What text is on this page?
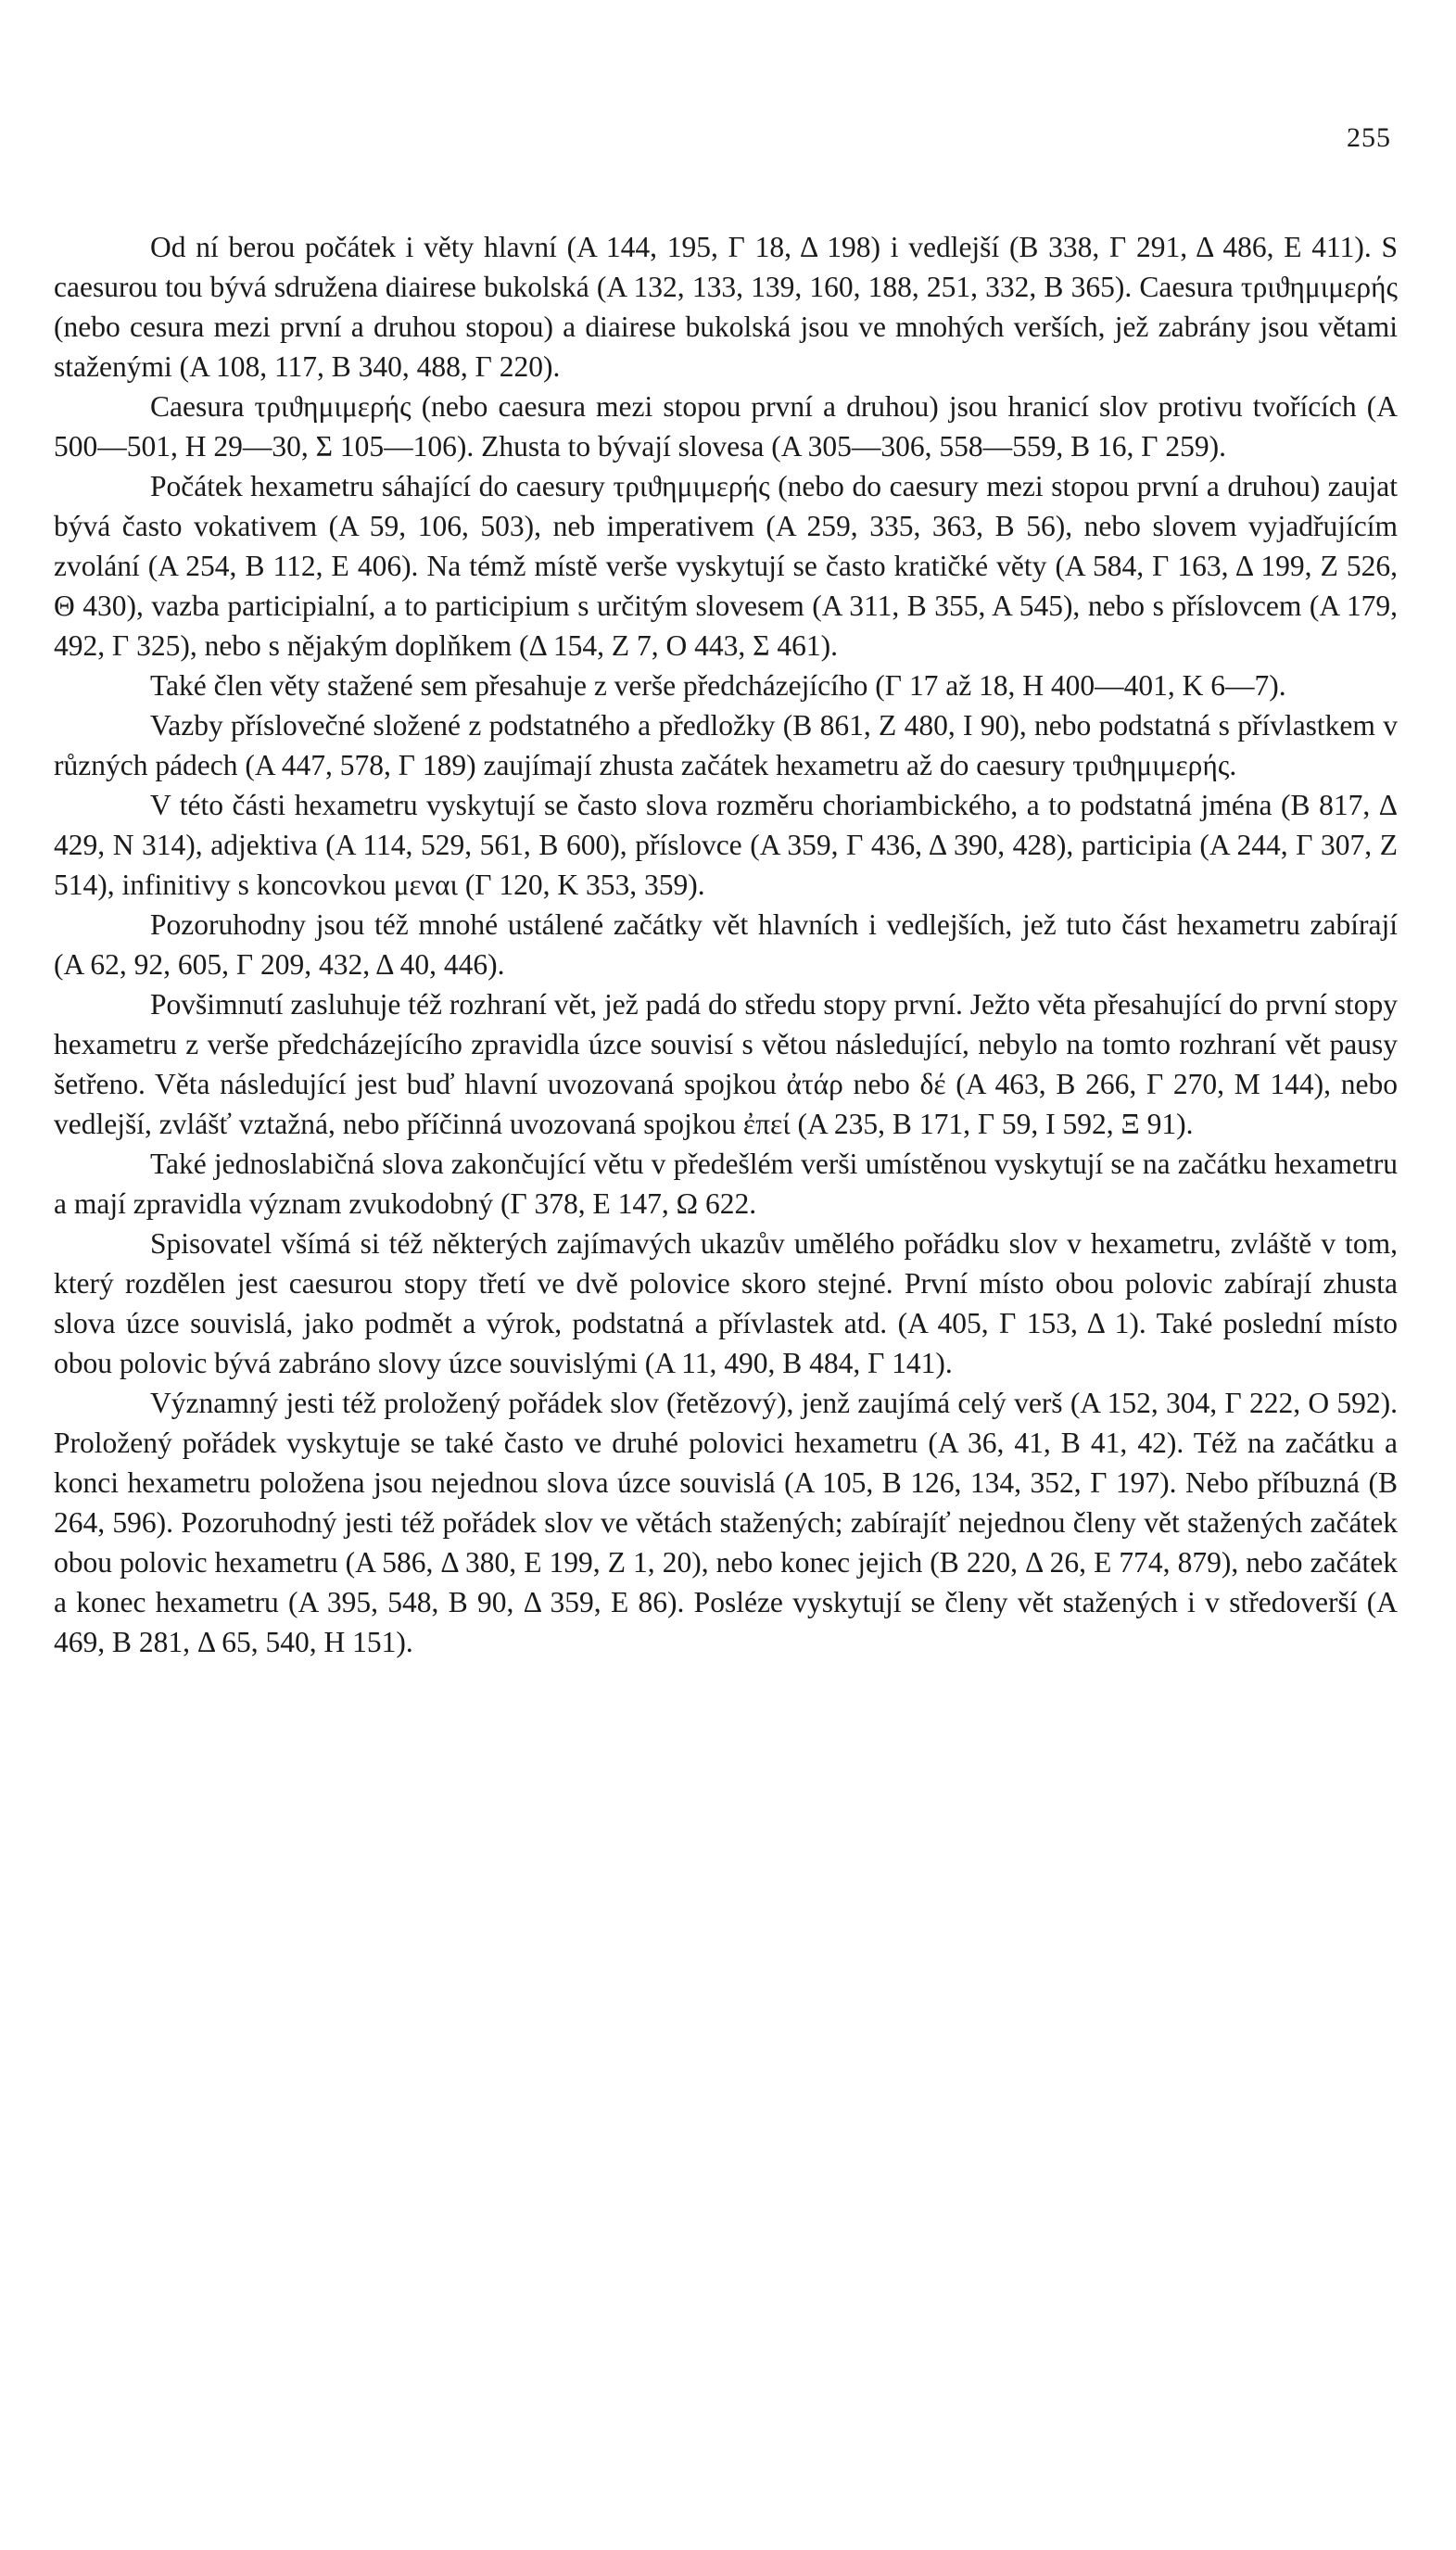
255

Od ní berou počátek i věty hlavní (A 144, 195, Γ 18, Δ 198) i vedlejší (B 338, Γ 291, Δ 486, E 411). S caesurou tou bývá sdružena diairese bukolská (A 132, 133, 139, 160, 188, 251, 332, B 365). Caesura τριϑημιμερής (nebo cesura mezi první a druhou stopou) a diairese bukolská jsou ve mnohých verších, jež zabrány jsou větami staženými (A 108, 117, B 340, 488, Γ 220).

Caesura τριϑημιμερής (nebo caesura mezi stopou první a druhou) jsou hranicí slov protivu tvořících (A 500—501, H 29—30, Σ 105—106). Zhusta to bývají slovesa (A 305—306, 558—559, B 16, Γ 259).

Počátek hexametru sáhající do caesury τριϑημιμερής (nebo do caesury mezi stopou první a druhou) zaujat bývá často vokativem (A 59, 106, 503), neb imperativem (A 259, 335, 363, B 56), nebo slovem vyjadřujícím zvolání (A 254, B 112, E 406). Na témž místě verše vyskytují se často kratičké věty (A 584, Γ 163, Δ 199, Z 526, Θ 430), vazba participialní, a to participium s určitým slovesem (A 311, B 355, A 545), nebo s příslovcem (A 179, 492, Γ 325), nebo s nějakým doplňkem (Δ 154, Z 7, O 443, Σ 461).

Také člen věty stažené sem přesahuje z verše předcházejícího (Γ 17 až 18, H 400—401, K 6—7).

Vazby příslovečné složené z podstatného a předložky (B 861, Z 480, I 90), nebo podstatná s přívlastkem v různých pádech (A 447, 578, Γ 189) zaujímají zhusta začátek hexametru až do caesury τριϑημιμερής.

V této části hexametru vyskytují se často slova rozměru choriambického, a to podstatná jména (B 817, Δ 429, N 314), adjektiva (A 114, 529, 561, B 600), příslovce (A 359, Γ 436, Δ 390, 428), participia (A 244, Γ 307, Z 514), infinitivy s koncovkou μεναι (Γ 120, K 353, 359).

Pozoruhodny jsou též mnohé ustálené začátky vět hlavních i vedlejších, jež tuto část hexametru zabírají (A 62, 92, 605, Γ 209, 432, Δ 40, 446).

Povšimnutí zasluhuje též rozhraní vět, jež padá do středu stopy první. Ježto věta přesahující do první stopy hexametru z verše předcházejícího zpravidla úzce souvisí s větou následující, nebylo na tomto rozhraní vět pausy šetřeno. Věta následující jest buď hlavní uvozovaná spojkou ἀτάρ nebo δέ (A 463, B 266, Γ 270, M 144), nebo vedlejší, zvlášť vztažná, nebo příčinná uvozovaná spojkou ἐπεί (A 235, B 171, Γ 59, I 592, Ξ 91).

Také jednoslabičná slova zakončující větu v předešlém verši umístěnou vyskytují se na začátku hexametru a mají zpravidla význam zvukodobný (Γ 378, E 147, Ω 622.

Spisovatel všímá si též některých zajímavých ukazův umělého pořádku slov v hexametru, zvláště v tom, který rozdělen jest caesurou stopy třetí ve dvě polovice skoro stejné. První místo obou polovic zabírají zhusta slova úzce souvislá, jako podmět a výrok, podstatná a přívlastek atd. (A 405, Γ 153, Δ 1). Také poslední místo obou polovic bývá zabráno slovy úzce souvislými (A 11, 490, B 484, Γ 141).

Významný jesti též proložený pořádek slov (řetězový), jenž zaujímá celý verš (A 152, 304, Γ 222, O 592). Proložený pořádek vyskytuje se také často ve druhé polovici hexametru (A 36, 41, B 41, 42). Též na začátku a konci hexametru položena jsou nejednou slova úzce souvislá (A 105, B 126, 134, 352, Γ 197). Nebo příbuzná (B 264, 596). Pozoruhodný jesti též pořádek slov ve větách stažených; zabírajíť nejednou členy vět stažených začátek obou polovic hexametru (A 586, Δ 380, E 199, Z 1, 20), nebo konec jejich (B 220, Δ 26, E 774, 879), nebo začátek a konec hexametru (A 395, 548, B 90, Δ 359, E 86). Posléze vyskytují se členy vět stažených i v středoverší (A 469, B 281, Δ 65, 540, H 151).
